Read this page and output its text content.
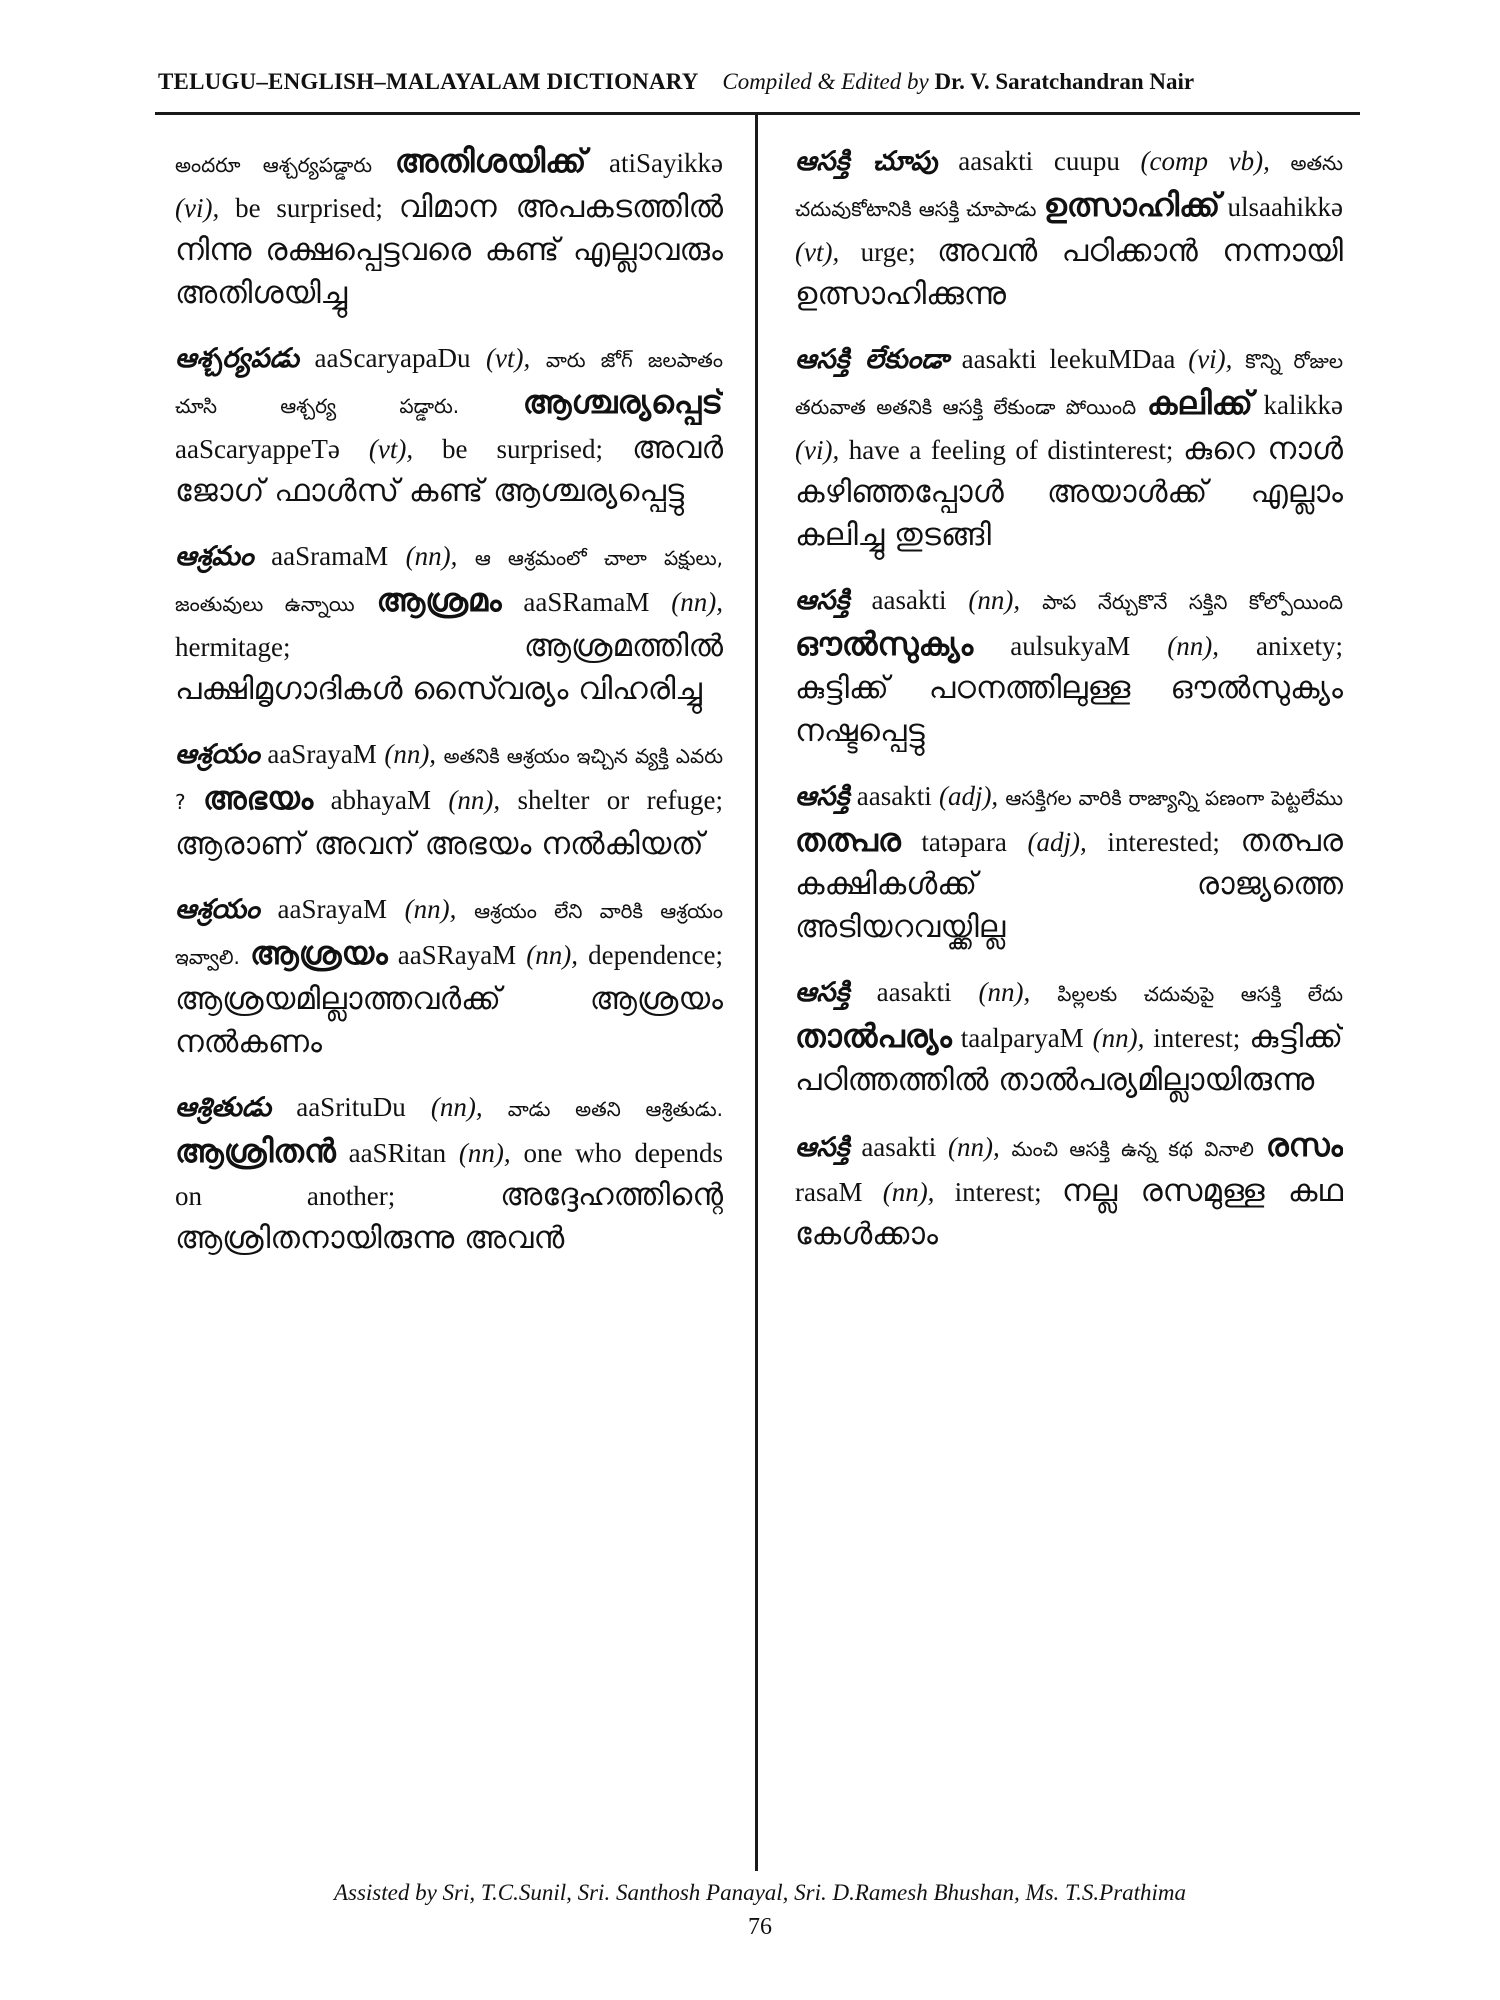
TELUGU–ENGLISH–MALAYALAM DICTIONARY Compiled & Edited by Dr. V. Saratchandran Nair
అందరూ ఆశ్చర్యపడ్డారు അതിശയിക്ക് atiSayikkə (vi), be surprised; വിമാന അപകടത്തിൽ നിന്നു രക്ഷപ്പെട്ടവരെ കണ്ട് എല്ലാവരും അതിശയിച്ചു
ఆశ్చర్యపడు aaScaryapaDu (vt), వారు జోగ్ జలపాతం చూసి ఆశ్చర్య పడ్డారు. ആശ്ചര്യപ്പെട് aaScaryappeTə (vt), be surprised; അവർ ജോഗ് ഫാൾസ് കണ്ട് ആശ്ചര്യപ്പെട്ടു
ఆశ్రమం aaSramaM (nn), ఆ ఆశ్రమంలో చాలా పక్షులు, జంతువులు ఉన్నాయి ആശ്രമം aaSRamaM (nn), hermitage;	ആശ്രമത്തിൽ പക്ഷിമൃഗാദികൾ സൈ്വര്യം വിഹരിച്ചു
ఆశ్రయం aaSrayaM (nn), అతనికి ఆశ్రయం ఇచ్చిన వ్యక్తి ఎవరు ? അഭയം abhayaM (nn), shelter or refuge; ആരാണ് അവന് അഭയം നൽകിയത്
ఆశ్రయం aaSrayaM (nn), ఆశ్రయం లేని వారికి ఆశ్రయం ఇవ్వాలి. ആശ്രയം aaSRayaM (nn), dependence; ആശ്രയമില്ലാത്തവർക്ക് ആശ്രയം നൽകണം
ఆశ్రితుడు aaSrituDu (nn), వాడు అతని ఆశ్రితుడు. ആശ്രിതൻ aaSRitan (nn), one who depends on another;	അദ്ദേഹത്തിന്റെ ആശ്രിതനായിരുന്നു അവൻ
ఆసక్తి చూపు aasakti cuupu (comp vb), అతను చదువుకోటానికి ఆసక్తి చూపాడు ഉത്സാഹിക്ക് ulsaahikkə (vt), urge; അവൻ പഠിക്കാൻ നന്നായി ഉത്സാഹിക്കുന്നു
ఆసక్తి లేకుండా aasakti leekuMDaa (vi), కొన్ని రోజుల తరువాత అతనికి ఆసక్తి లేకుండా పోయింది കലിക്ക് kalikkə (vi), have a feeling of distinterest; കുറെ നാൾ കഴിഞ്ഞപ്പോൾ അയാൾക്ക് എല്ലാം കലിച്ചു തുടങ്ങി
ఆసక్తి aasakti (nn), పాప నేర్చుకొనే సక్తిని కోల్పోయింది ഔൽസുക്യം aulsukyaM (nn), anixety; കുട്ടിക്ക് പഠനത്തിലുള്ള ഔൽസുക്യം നഷ്ടപ്പെട്ടു
ఆసక్తి aasakti (adj), ఆసక్తిగల వారికి రాజ్యాన్ని పణంగా పెట్టలేము തത്പര tatəpara (adj), interested; തത്പര കക്ഷികൾക്ക് രാജ്യത്തെ അടിയറവയ്ക്കില്ല
ఆసక్తి aasakti (nn), పిల్లలకు చదువుపై ఆసక్తి లేదు താൽപര്യം taalparyaM (nn), interest; കുട്ടിക്ക് പഠിത്തത്തിൽ താൽപര്യമില്ലായിരുന്നു
ఆసక్తి aasakti (nn), మంచి ఆసక్తి ఉన్న కథ వినాలి രസം rasaM (nn), interest; നല്ല രസമുള്ള കഥ കേൾക്കാം
Assisted by Sri, T.C.Sunil, Sri. Santhosh Panayal, Sri. D.Ramesh Bhushan, Ms. T.S.Prathima
76
